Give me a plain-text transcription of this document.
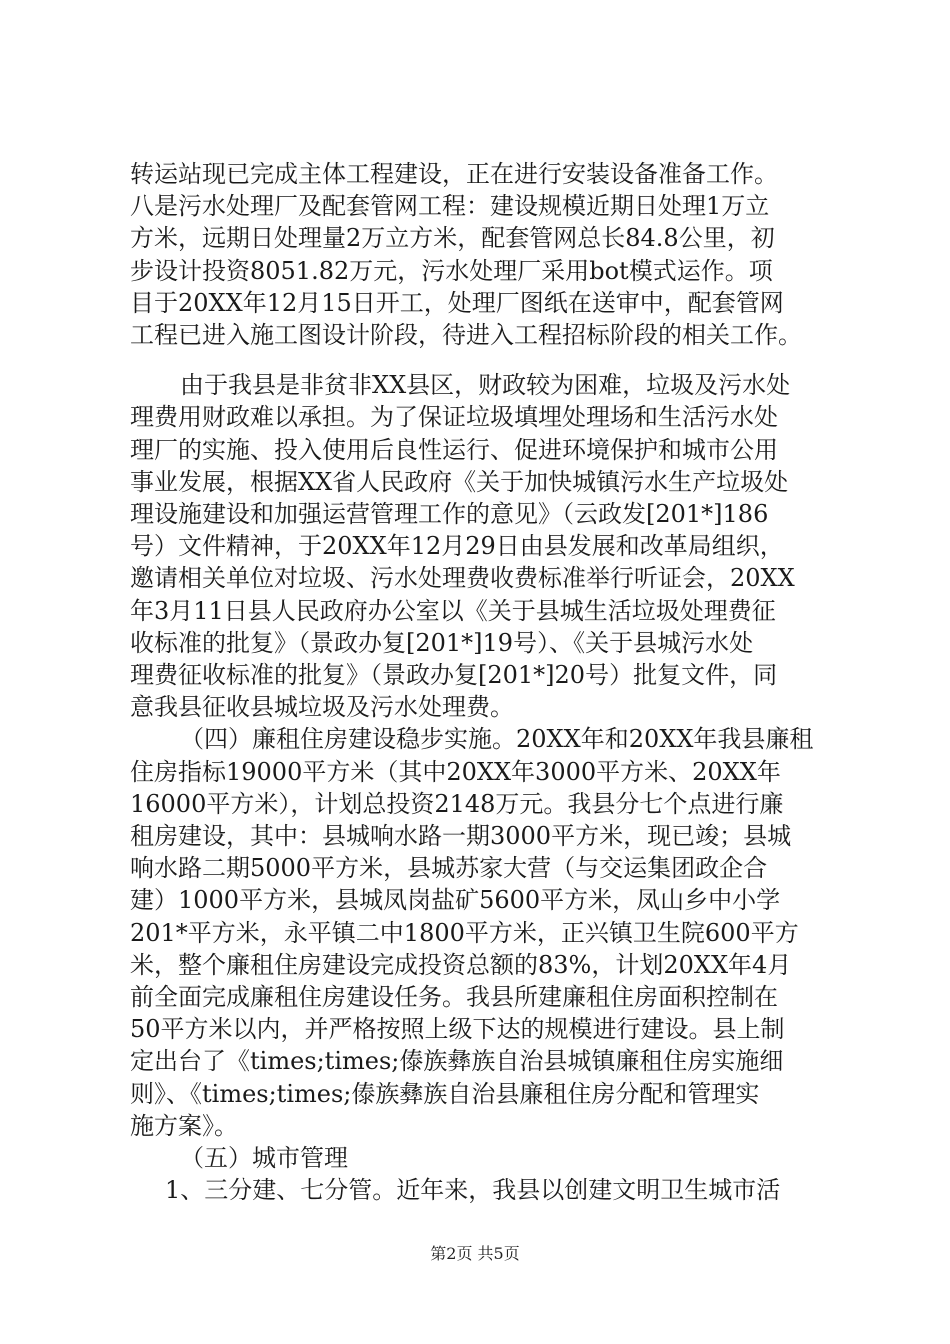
转运站现已完成主体工程建设，正在进行安装设备准备工作。
八是污水处理厂及配套管网工程：建设规模近期日处理1万立
方米，远期日处理量2万立方米，配套管网总长84.8公里，初
步设计投资8051.82万元，污水处理厂采用bot模式运作。项
目于20XX年12月15日开工，处理厂图纸在送审中，配套管网
工程已进入施工图设计阶段，待进入工程招标阶段的相关工作。
由于我县是非贫非XX县区，财政较为困难，垃圾及污水处
理费用财政难以承担。为了保证垃圾填埋处理场和生活污水处
理厂的实施、投入使用后良性运行、促进环境保护和城市公用
事业发展，根据XX省人民政府《关于加快城镇污水生产垃圾处
理设施建设和加强运营管理工作的意见》（云政发[201*]186
号）文件精神，于20XX年12月29日由县发展和改革局组织，
邀请相关单位对垃圾、污水处理费收费标准举行听证会，20XX
年3月11日县人民政府办公室以《关于县城生活垃圾处理费征
收标准的批复》（景政办复[201*]19号）、《关于县城污水处
理费征收标准的批复》（景政办复[201*]20号）批复文件，同
意我县征收县城垃圾及污水处理费。
（四）廉租住房建设稳步实施。20XX年和20XX年我县廉租
住房指标19000平方米（其中20XX年3000平方米、20XX年
16000平方米），计划总投资2148万元。我县分七个点进行廉
租房建设，其中：县城响水路一期3000平方米，现已竣；县城
响水路二期5000平方米，县城苏家大营（与交运集团政企合
建）1000平方米，县城凤岗盐矿5600平方米，凤山乡中小学
201*平方米，永平镇二中1800平方米，正兴镇卫生院600平方
米，整个廉租住房建设完成投资总额的83%，计划20XX年4月
前全面完成廉租住房建设任务。我县所建廉租住房面积控制在
50平方米以内，并严格按照上级下达的规模进行建设。县上制
定出台了《times;times;傣族彝族自治县城镇廉租住房实施细
则》、《times;times;傣族彝族自治县廉租住房分配和管理实
施方案》。
（五）城市管理
1、三分建、七分管。近年来，我县以创建文明卫生城市活
第2页 共5页
